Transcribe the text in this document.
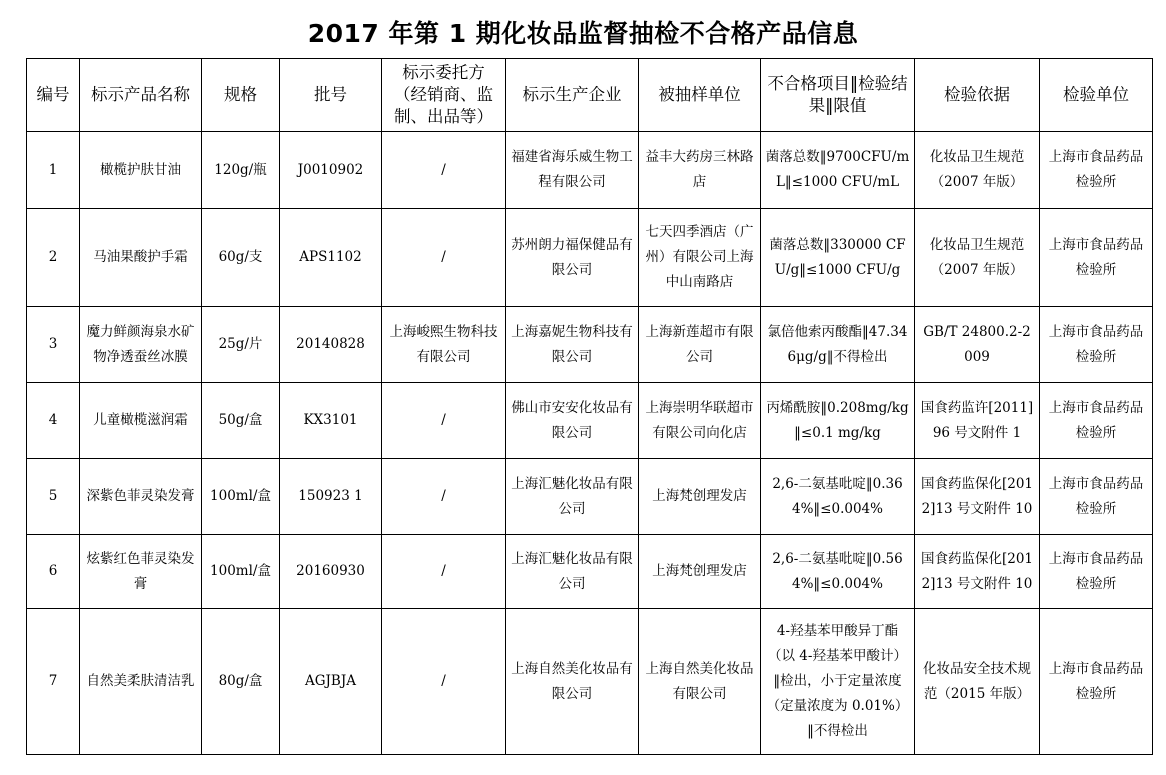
2017 年第 1 期化妆品监督抽检不合格产品信息
编号	标示产品名称	规格	批号	标示委托方（经销商、监制、出品等）	标示生产企业	被抽样单位	不合格项目‖检验结果‖限值	检验依据	检验单位
1	橄榄护肤甘油	120g/瓶	J0010902	/	福建省海乐威生物工程有限公司	益丰大药房三林路店	菌落总数‖9700CFU/mL‖≤1000 CFU/mL	化妆品卫生规范（2007 年版）	上海市食品药品检验所
2	马油果酸护手霜	60g/支	APS1102	/	苏州朗力福保健品有限公司	七天四季酒店（广州）有限公司上海中山南路店	菌落总数‖330000 CFU/g‖≤1000 CFU/g	化妆品卫生规范（2007 年版）	上海市食品药品检验所
3	魔力鲜颜海泉水矿物净透蚕丝冰膜	25g/片	20140828	上海峻熙生物科技有限公司	上海嘉妮生物科技有限公司	上海新莲超市有限公司	氯倍他索丙酸酯‖47.346μg/g‖不得检出	GB/T 24800.2-2009	上海市食品药品检验所
4	儿童橄榄滋润霜	50g/盒	KX3101	/	佛山市安安化妆品有限公司	上海崇明华联超市有限公司向化店	丙烯酰胺‖0.208mg/kg‖≤0.1 mg/kg	国食药监许[2011]96 号文附件 1	上海市食品药品检验所
5	深紫色菲灵染发膏	100ml/盒	150923 1	/	上海汇魅化妆品有限公司	上海梵创理发店	2,6-二氨基吡啶‖0.364%‖≤0.004%	国食药监保化[2012]13 号文附件 10	上海市食品药品检验所
6	炫紫红色菲灵染发膏	100ml/盒	20160930	/	上海汇魅化妆品有限公司	上海梵创理发店	2,6-二氨基吡啶‖0.564%‖≤0.004%	国食药监保化[2012]13 号文附件 10	上海市食品药品检验所
7	自然美柔肤清洁乳	80g/盒	AGJBJA	/	上海自然美化妆品有限公司	上海自然美化妆品有限公司	4-羟基苯甲酸异丁酯（以 4-羟基苯甲酸计）‖检出，小于定量浓度（定量浓度为 0.01%）‖不得检出	化妆品安全技术规范（2015 年版）	上海市食品药品检验所
